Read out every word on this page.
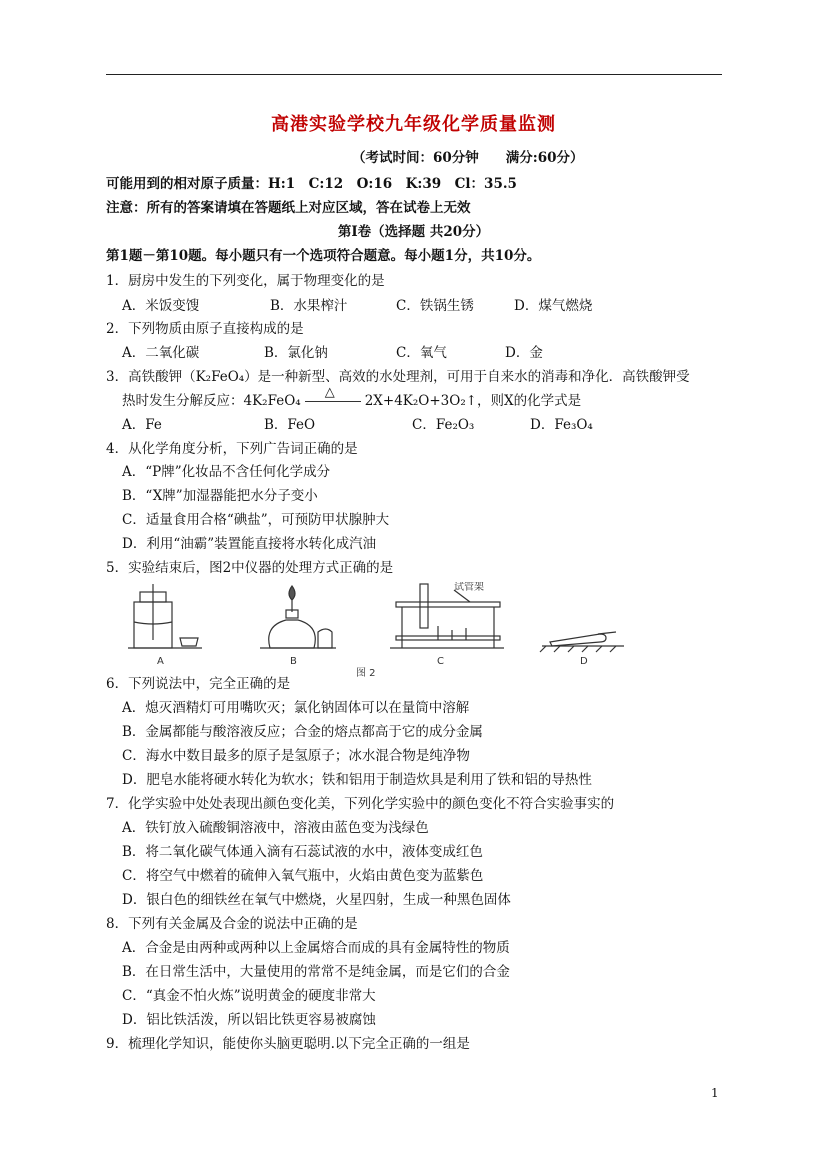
高港实验学校九年级化学质量监测
（考试时间：60分钟　　满分:60分）
可能用到的相对原子质量：H:1　C:12　O:16　K:39　Cl：35.5
注意：所有的答案请填在答题纸上对应区域，答在试卷上无效
第Ⅰ卷（选择题 共20分）
第1题－第10题。每小题只有一个选项符合题意。每小题1分，共10分。
1．厨房中发生的下列变化，属于物理变化的是
A．米饭变馊	B．水果榨汁	C．铁锅生锈	D．煤气燃烧
2．下列物质由原子直接构成的是
A．二氧化碳	B．氯化钠	C．氧气	D．金
3．高铁酸钾（K₂FeO₄）是一种新型、高效的水处理剂，可用于自来水的消毒和净化．高铁酸钾受
热时发生分解反应：4K₂FeO₄
△
2X+4K₂O+3O₂↑，则X的化学式是
A．Fe	B．FeO	C．Fe₂O₃	D．Fe₃O₄
4．从化学角度分析，下列广告词正确的是
A．“P牌”化妆品不含任何化学成分
B．“X牌”加湿器能把水分子变小
C．适量食用合格“碘盐”，可预防甲状腺肿大
D．利用“油霸”装置能直接将水转化成汽油
5．实验结束后，图2中仪器的处理方式正确的是
A	B
试管架
C
图 2
D
6．下列说法中，完全正确的是
A．熄灭酒精灯可用嘴吹灭；氯化钠固体可以在量筒中溶解
B．金属都能与酸溶液反应；合金的熔点都高于它的成分金属
C．海水中数目最多的原子是氢原子；冰水混合物是纯净物
D．肥皂水能将硬水转化为软水；铁和铝用于制造炊具是利用了铁和铝的导热性
7．化学实验中处处表现出颜色变化美，下列化学实验中的颜色变化不符合实验事实的
A．铁钉放入硫酸铜溶液中，溶液由蓝色变为浅绿色
B．将二氧化碳气体通入滴有石蕊试液的水中，液体变成红色
C．将空气中燃着的硫伸入氧气瓶中，火焰由黄色变为蓝紫色
D．银白色的细铁丝在氧气中燃烧，火星四射，生成一种黑色固体
8．下列有关金属及合金的说法中正确的是
A．合金是由两种或两种以上金属熔合而成的具有金属特性的物质
B．在日常生活中，大量使用的常常不是纯金属，而是它们的合金
C．“真金不怕火炼”说明黄金的硬度非常大
D．铝比铁活泼，所以铝比铁更容易被腐蚀
9．梳理化学知识，能使你头脑更聪明.以下完全正确的一组是
1
